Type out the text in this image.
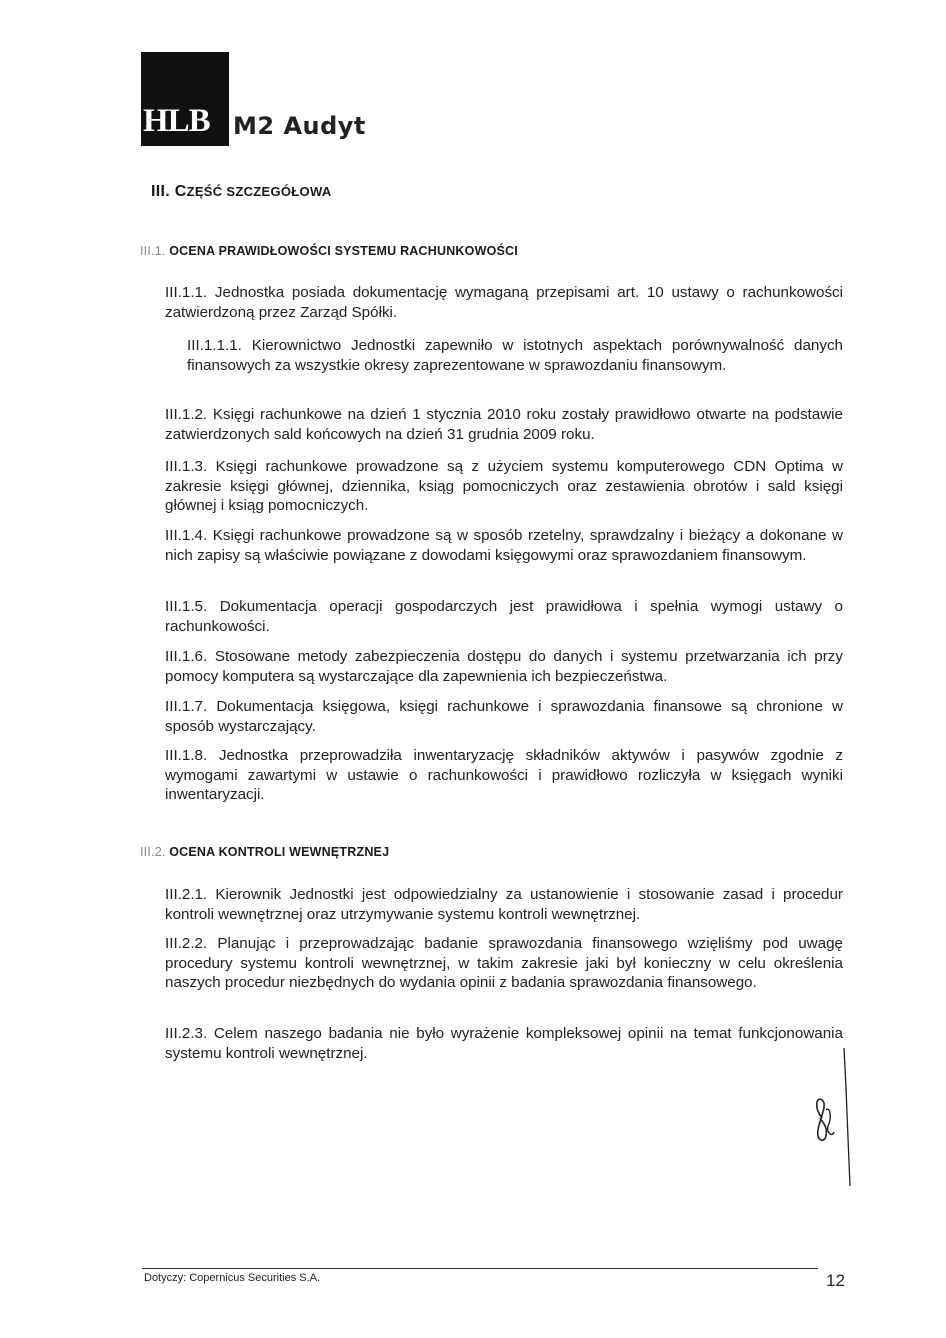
HLB M2 Audyt
III. CZĘŚĆ SZCZEGÓŁOWA
III.1. OCENA PRAWIDŁOWOŚCI SYSTEMU RACHUNKOWOŚCI
III.1.1. Jednostka posiada dokumentację wymaganą przepisami art. 10 ustawy o rachunkowości zatwierdzoną przez Zarząd Spółki.
III.1.1.1. Kierownictwo Jednostki zapewniło w istotnych aspektach porównywalność danych finansowych za wszystkie okresy zaprezentowane w sprawozdaniu finansowym.
III.1.2. Księgi rachunkowe na dzień 1 stycznia 2010 roku zostały prawidłowo otwarte na podstawie zatwierdzonych sald końcowych na dzień 31 grudnia 2009 roku.
III.1.3. Księgi rachunkowe prowadzone są z użyciem systemu komputerowego CDN Optima w zakresie księgi głównej, dziennika, ksiąg pomocniczych oraz zestawienia obrotów i sald księgi głównej i ksiąg pomocniczych.
III.1.4. Księgi rachunkowe prowadzone są w sposób rzetelny, sprawdzalny i bieżący a dokonane w nich zapisy są właściwie powiązane z dowodami księgowymi oraz sprawozdaniem finansowym.
III.1.5. Dokumentacja operacji gospodarczych jest prawidłowa i spełnia wymogi ustawy o rachunkowości.
III.1.6. Stosowane metody zabezpieczenia dostępu do danych i systemu przetwarzania ich przy pomocy komputera są wystarczające dla zapewnienia ich bezpieczeństwa.
III.1.7. Dokumentacja księgowa, księgi rachunkowe i sprawozdania finansowe są chronione w sposób wystarczający.
III.1.8. Jednostka przeprowadziła inwentaryzację składników aktywów i pasywów zgodnie z wymogami zawartymi w ustawie o rachunkowości i prawidłowo rozliczyła w księgach wyniki inwentaryzacji.
III.2. OCENA KONTROLI WEWNĘTRZNEJ
III.2.1. Kierownik Jednostki jest odpowiedzialny za ustanowienie i stosowanie zasad i procedur kontroli wewnętrznej oraz utrzymywanie systemu kontroli wewnętrznej.
III.2.2. Planując i przeprowadzając badanie sprawozdania finansowego wzięliśmy pod uwagę procedury systemu kontroli wewnętrznej, w takim zakresie jaki był konieczny w celu określenia naszych procedur niezbędnych do wydania opinii z badania sprawozdania finansowego.
III.2.3. Celem naszego badania nie było wyrażenie kompleksowej opinii na temat funkcjonowania systemu kontroli wewnętrznej.
Dotyczy: Copernicus Securities S.A.	12
